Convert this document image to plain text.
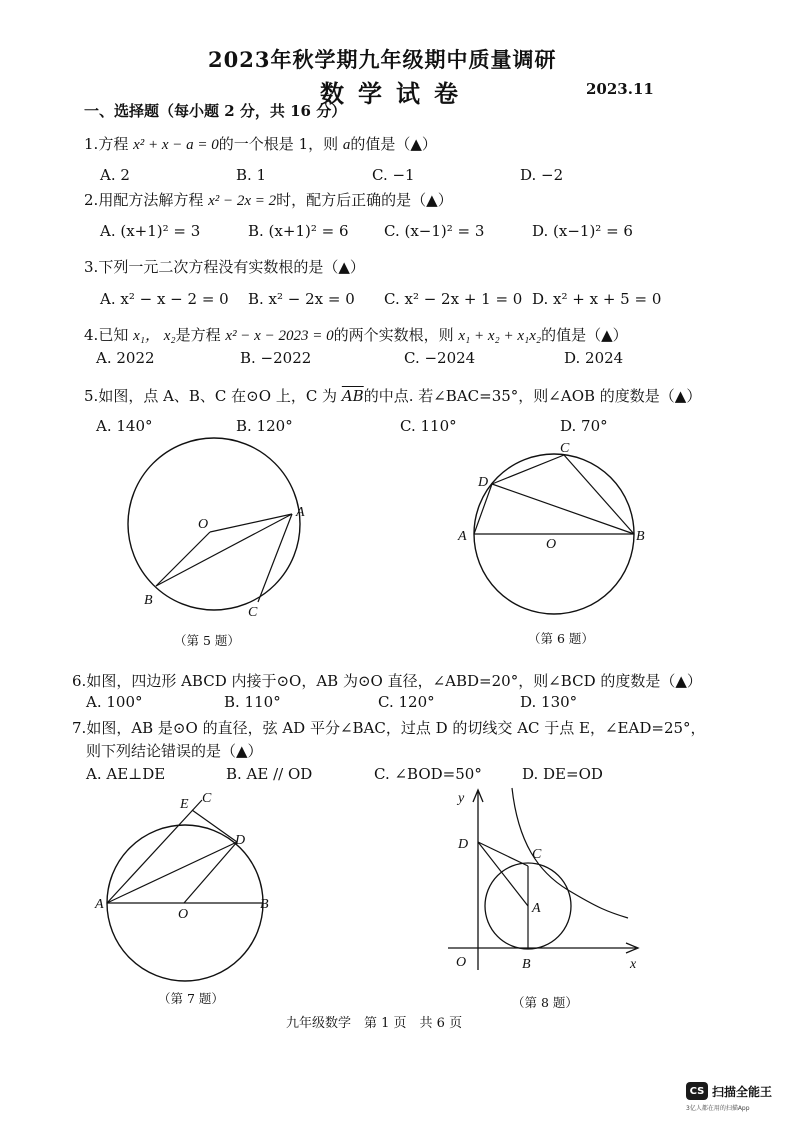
2023年秋学期九年级期中质量调研
数学试卷	2023.11
一、选择题（每小题 2 分，共 16 分）
1.方程 x² + x − a = 0的一个根是 1，则 a的值是（▲）
A. 2	B. 1	C. −1	D. −2
2.用配方法解方程 x² − 2x = 2时，配方后正确的是（▲）
A. (x+1)² = 3	B. (x+1)² = 6 C. (x−1)² = 3	D. (x−1)² = 6
3.下列一元二次方程没有实数根的是（▲）
A. x² − x − 2 = 0 B. x² − 2x = 0 C. x² − 2x + 1 = 0 D. x² + x + 5 = 0
4.已知 x₁， x₂是方程 x² − x − 2023 = 0的两个实数根，则 x₁ + x₂ + x₁x₂的值是（▲）
A. 2022	B. −2022	C. −2024	D. 2024
5.如图，点 A、B、C 在⊙O 上，C 为 $\overline{AB}$的中点. 若∠BAC=35°，则∠AOB 的度数是（▲）
A. 140°	B. 120°	C. 110°	D. 70°
O
A
B
C
（第 5 题）
C
D
A
O
B
（第 6 题）
6.如图，四边形 ABCD 内接于⊙O，AB 为⊙O 直径，∠ABD=20°，则∠BCD 的度数是（▲）
A. 100°	B. 110°	C. 120°	D. 130°
7.如图，AB 是⊙O 的直径，弦 AD 平分∠BAC，过点 D 的切线交 AC 于点 E，∠EAD=25°，
则下列结论错误的是（▲）
A. AE⊥DE	B. AE // OD	C. ∠BOD=50°	D. DE=OD
E C
D
A
O
B
（第 7 题）
y
D
C
A
O	B	x
（第 8 题）
九年级数学　第 1 页　共 6 页
CS 扫描全能王
3亿人都在用的扫描App
